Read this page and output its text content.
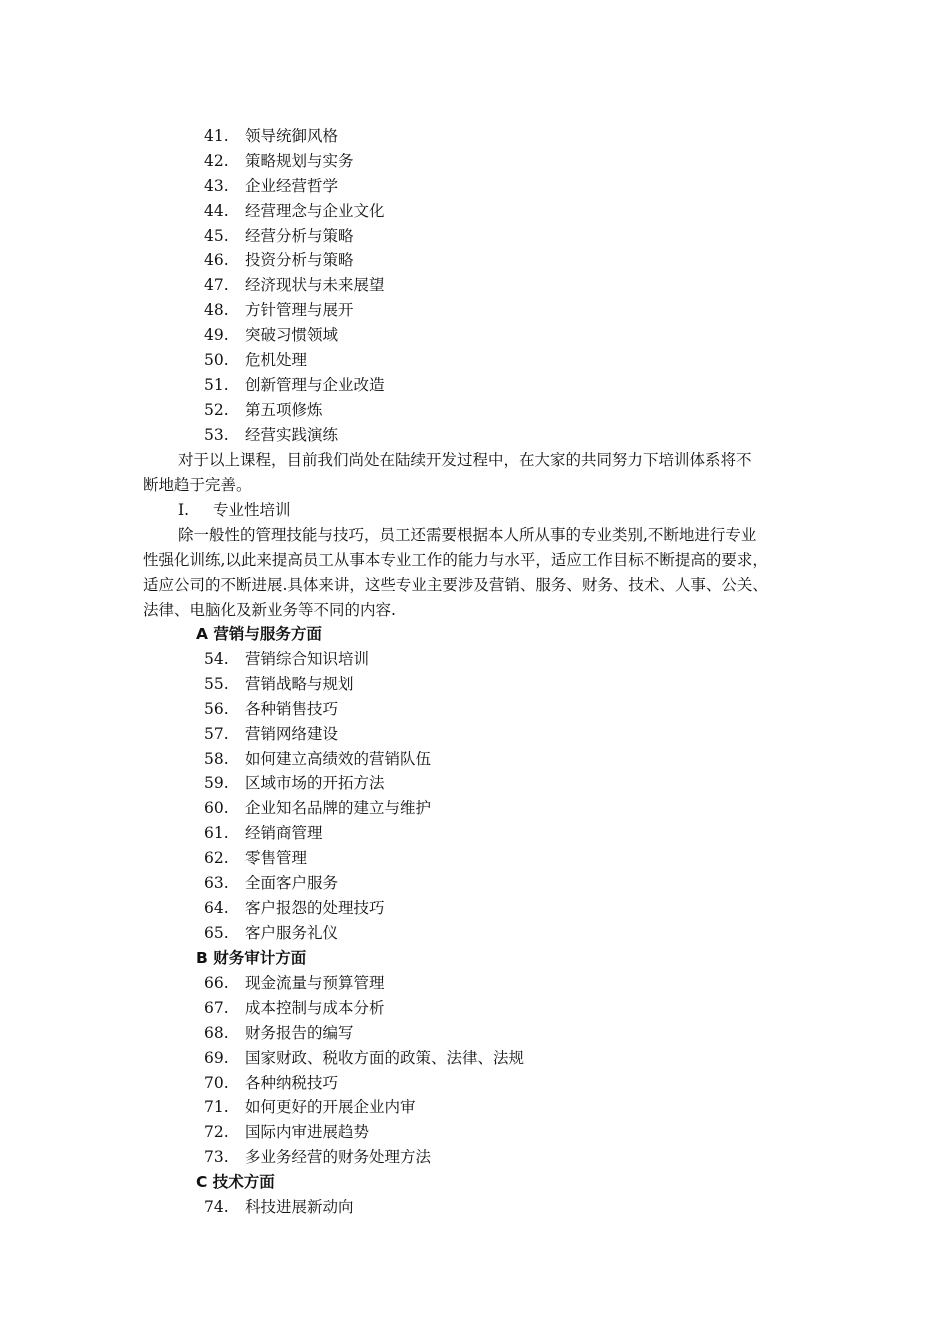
41. 领导统御风格
42. 策略规划与实务
43. 企业经营哲学
44. 经营理念与企业文化
45. 经营分析与策略
46. 投资分析与策略
47. 经济现状与未来展望
48. 方针管理与展开
49. 突破习惯领域
50. 危机处理
51. 创新管理与企业改造
52. 第五项修炼
53. 经营实践演练
对于以上课程，目前我们尚处在陆续开发过程中，在大家的共同努力下培训体系将不
断地趋于完善。
I. 专业性培训
除一般性的管理技能与技巧，员工还需要根据本人所从事的专业类别,不断地进行专业
性强化训练,以此来提高员工从事本专业工作的能力与水平，适应工作目标不断提高的要求，
适应公司的不断进展.具体来讲，这些专业主要涉及营销、服务、财务、技术、人事、公关、
法律、电脑化及新业务等不同的内容.
A 营销与服务方面
54. 营销综合知识培训
55. 营销战略与规划
56. 各种销售技巧
57. 营销网络建设
58. 如何建立高绩效的营销队伍
59. 区域市场的开拓方法
60. 企业知名品牌的建立与维护
61. 经销商管理
62. 零售管理
63. 全面客户服务
64. 客户报怨的处理技巧
65. 客户服务礼仪
B 财务审计方面
66. 现金流量与预算管理
67. 成本控制与成本分析
68. 财务报告的编写
69. 国家财政、税收方面的政策、法律、法规
70. 各种纳税技巧
71. 如何更好的开展企业内审
72. 国际内审进展趋势
73. 多业务经营的财务处理方法
C 技术方面
74. 科技进展新动向
